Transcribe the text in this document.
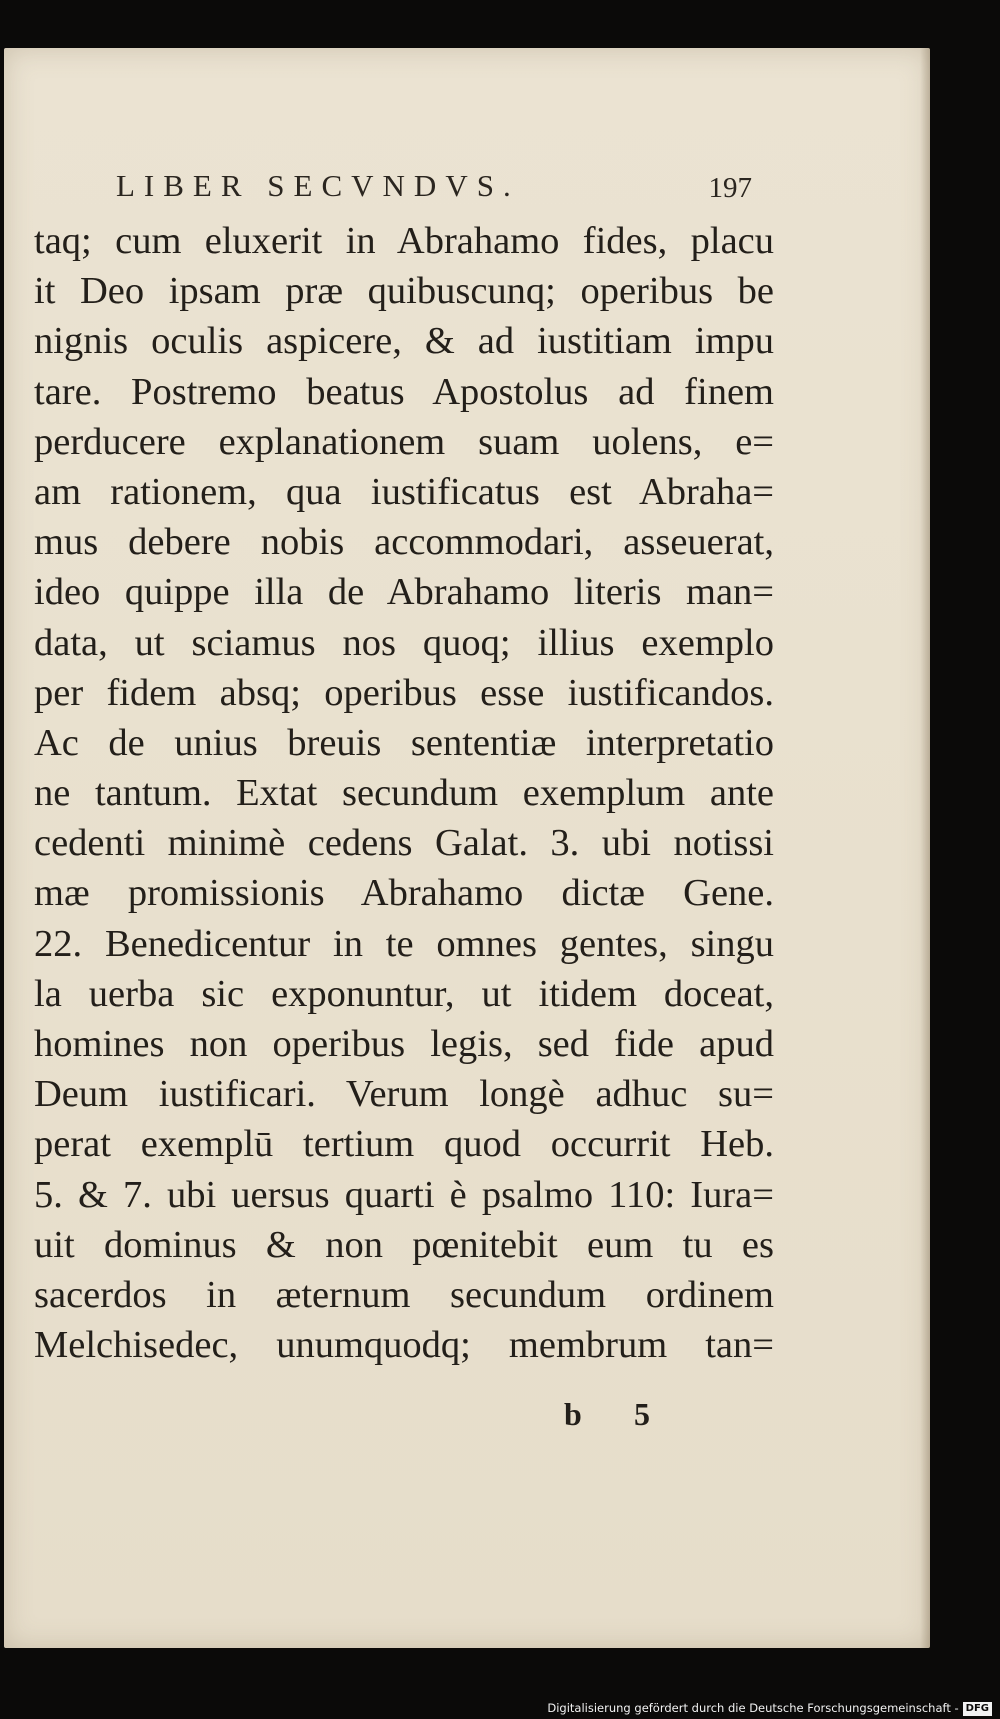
LIBER SECVNDVS.	197
taq; cum eluxerit in Abrahamo fides, placu
it Deo ipsam præ quibuscunq; operibus be
nignis oculis aspicere, & ad iustitiam impu
tare. Postremo beatus Apostolus ad finem
perducere explanationem suam uolens, e=
am rationem, qua iustificatus est Abraha=
mus debere nobis accommodari, asseuerat,
ideo quippe illa de Abrahamo literis man=
data, ut sciamus nos quoq; illius exemplo
per fidem absq; operibus esse iustificandos.
Ac de unius breuis sententiæ interpretatio
ne tantum. Extat secundum exemplum ante
cedenti minimè cedens Galat. 3. ubi notissi
mæ promissionis Abrahamo dictæ Gene.
22. Benedicentur in te omnes gentes, singu
la uerba sic exponuntur, ut itidem doceat,
homines non operibus legis, sed fide apud
Deum iustificari. Verum longè adhuc su=
perat exemplū tertium quod occurrit Heb.
5. & 7. ubi uersus quarti è psalmo 110: Iura=
uit dominus & non pœnitebit eum tu es
sacerdos in æternum secundum ordinem
Melchisedec, unumquodq; membrum tan=
b 5
Digitalisierung gefördert durch die Deutsche Forschungsgemeinschaft - DFG
